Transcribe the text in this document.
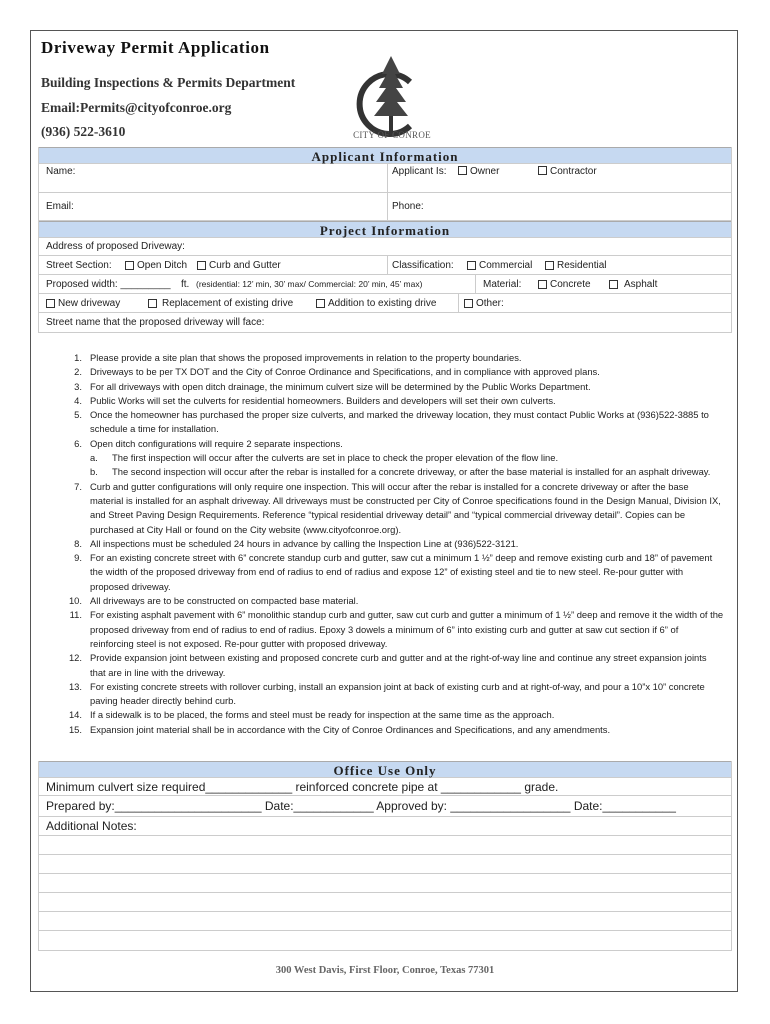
Driveway Permit Application
Building Inspections & Permits Department
Email:Permits@cityofconroe.org
(936) 522-3610	CITY OF CONROE
Applicant Information
Name:	Applicant Is: Owner	Contractor
Email:	Phone:
Project Information
Address of proposed Driveway:
Street Section:	Open Ditch Curb and Gutter	Classification:	Commercial Residential
Proposed width: _________ ft. (residential: 12’ min, 30’ max/ Commercial: 20’ min, 45’ max)	Material:	Concrete	Asphalt
New driveway	Replacement of existing drive	Addition to existing drive	Other:
Street name that the proposed driveway will face:
1. Please provide a site plan that shows the proposed improvements in relation to the property boundaries.
2. Driveways to be per TX DOT and the City of Conroe Ordinance and Specifications, and in compliance with approved plans.
3. For all driveways with open ditch drainage, the minimum culvert size will be determined by the Public Works Department.
4. Public Works will set the culverts for residential homeowners. Builders and developers will set their own culverts.
5. Once the homeowner has purchased the proper size culverts, and marked the driveway location, they must contact Public Works at (936)522-3885 to schedule a time for installation.
6. Open ditch configurations will require 2 separate inspections.
a.	The first inspection will occur after the culverts are set in place to check the proper elevation of the flow line.
b.	The second inspection will occur after the rebar is installed for a concrete driveway, or after the base material is installed for an asphalt driveway.
7. Curb and gutter configurations will only require one inspection. This will occur after the rebar is installed for a concrete driveway or after the base material is installed for an asphalt driveway. All driveways must be constructed per City of Conroe specifications found in the Design Manual, Division IX, and Street Paving Design Requirements. Reference “typical residential driveway detail” and “typical commercial driveway detail”. Copies can be purchased at City Hall or found on the City website (www.cityofconroe.org).
8. All inspections must be scheduled 24 hours in advance by calling the Inspection Line at (936)522-3121.
9. For an existing concrete street with 6” concrete standup curb and gutter, saw cut a minimum 1 ½” deep and remove existing curb and 18” of pavement the width of the proposed driveway from end of radius to end of radius and expose 12” of existing steel and tie to new steel. Re-pour gutter with proposed driveway.
10. All driveways are to be constructed on compacted base material.
11. For existing asphalt pavement with 6” monolithic standup curb and gutter, saw cut curb and gutter a minimum of 1 ½” deep and remove it the width of the proposed driveway from end of radius to end of radius. Epoxy 3 dowels a minimum of 6” into existing curb and gutter at saw cut section if 6” of reinforcing steel is not exposed. Re-pour gutter with proposed driveway.
12. Provide expansion joint between existing and proposed concrete curb and gutter and at the right-of-way line and continue any street expansion joints that are in line with the driveway.
13. For existing concrete streets with rollover curbing, install an expansion joint at back of existing curb and at right-of-way, and pour a 10”x 10” concrete paving header directly behind curb.
14. If a sidewalk is to be placed, the forms and steel must be ready for inspection at the same time as the approach.
15. Expansion joint material shall be in accordance with the City of Conroe Ordinances and Specifications, and any amendments.
Office Use Only
Minimum culvert size required_____________ reinforced concrete pipe at ____________ grade.
Prepared by:______________________ Date:____________ Approved by: __________________ Date:___________
Additional Notes:
300 West Davis, First Floor, Conroe, Texas 77301
